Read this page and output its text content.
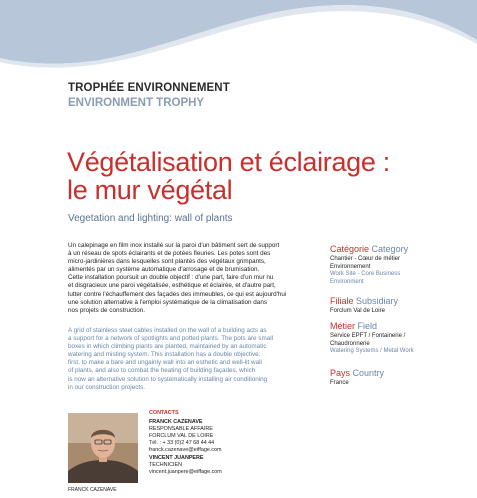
TROPHÉE ENVIRONNEMENT
ENVIRONMENT TROPHY
Végétalisation et éclairage :
le mur végétal
Vegetation and lighting: wall of plants

Un calepinage en film inox installé sur la paroi d'un bâtiment sert de support
à un réseau de spots éclairants et de potées fleuries. Les potes sont des
micro-jardinières dans lesquelles sont plantés des végétaux grimpants,
alimentés par un système automatique d'arrosage et de brumisation.
Cette installation poursuit un double objectif : d'une part, faire d'un mur nu
et disgracieux une paroi végétalisée, esthétique et éclairée, et d'autre part,
lutter contre l'échauffement des façades des immeubles, ce qui est aujourd'hui
une solution alternative à l'emploi systématique de la climatisation dans
nos projets de construction.

A grid of stainless steel cables installed on the wall of a building acts as
a support for a network of spotlights and potted plants. The pots are small
boxes in which climbing plants are planted, maintained by an automatic
watering and misting system. This installation has a double objective:
first, to make a bare and ungainly wall into an esthetic and well-lit wall
of plants, and also to combat the heating of building façades, which
is now an alternative solution to systematically installing air conditioning
in our construction projects.

Catégorie Category
Chantier - Cœur de métier
Environnement
Work Site - Core Business
Environment
Filiale Subsidiary
Forclum Val de Loire
Métier Field
Service EPFT / Fontainerie /
Chaudronnerie
Watering Systems / Metal Work
Pays Country
France
FRANCK CAZENAVE
CONTACTS
FRANCK CAZENAVE
RESPONSABLE AFFAIRE
FORCLUM VAL DE LOIRE
Tél. : + 33 (0)2 47 68 44 44
franck.cazenave@eiffage.com
VINCENT JUANPERE
TECHNICIEN
vincent.juanpere@eiffage.com
